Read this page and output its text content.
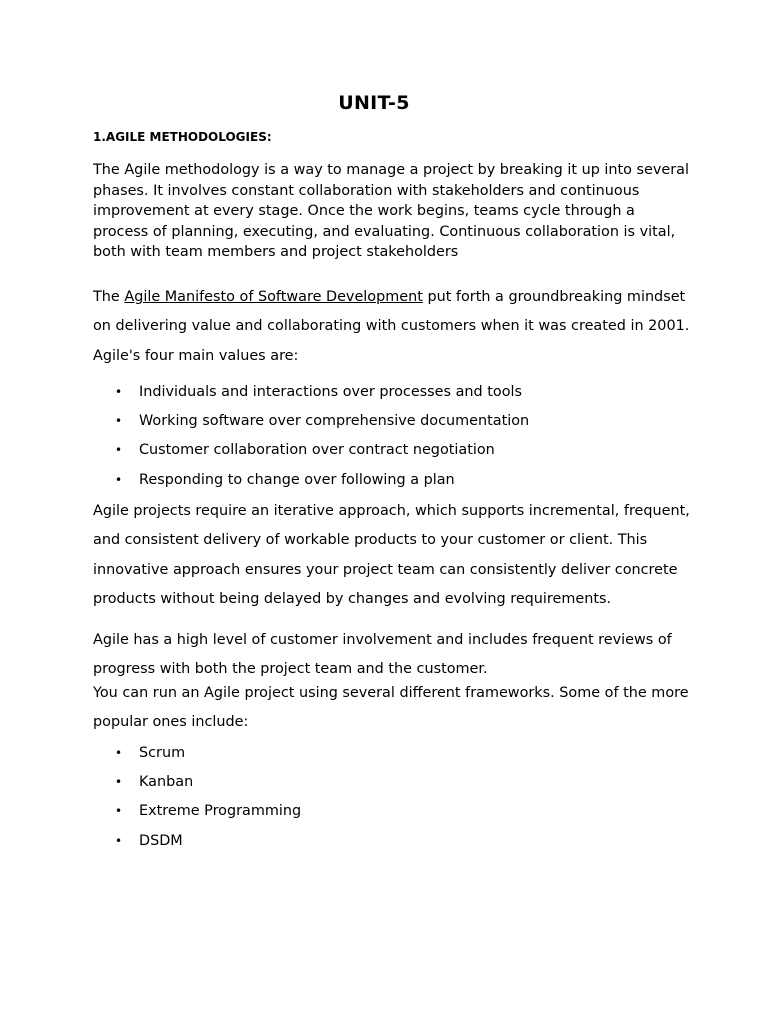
UNIT-5
1.AGILE METHODOLOGIES:

The Agile methodology is a way to manage a project by breaking it up into several phases. It involves constant collaboration with stakeholders and continuous improvement at every stage. Once the work begins, teams cycle through a process of planning, executing, and evaluating. Continuous collaboration is vital, both with team members and project stakeholders

The Agile Manifesto of Software Development put forth a groundbreaking mindset on delivering value and collaborating with customers when it was created in 2001. Agile's four main values are:

• Individuals and interactions over processes and tools
• Working software over comprehensive documentation
• Customer collaboration over contract negotiation
• Responding to change over following a plan

Agile projects require an iterative approach, which supports incremental, frequent, and consistent delivery of workable products to your customer or client. This innovative approach ensures your project team can consistently deliver concrete products without being delayed by changes and evolving requirements.

Agile has a high level of customer involvement and includes frequent reviews of progress with both the project team and the customer.
You can run an Agile project using several different frameworks. Some of the more popular ones include:
• Scrum
• Kanban
• Extreme Programming
• DSDM
